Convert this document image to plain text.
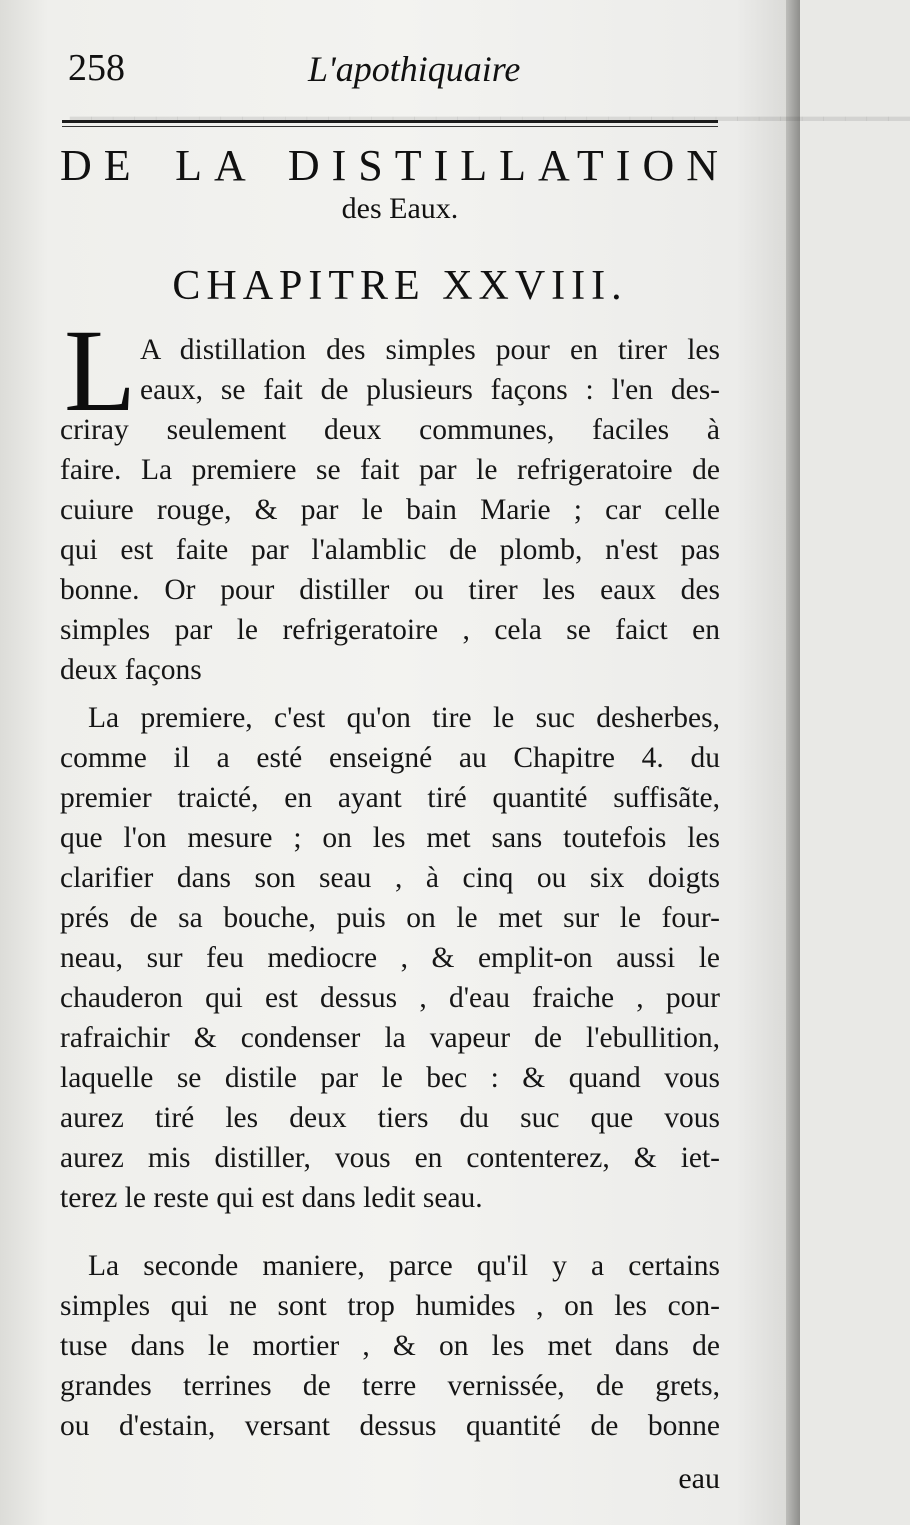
▁▁▁▁▁▁▁▁▁▁▁▁▁▁▁▁▁▁▁▁▁▁▁▁▁▁▁▁▁▁▁▁▁▁▁▁▁▁▁
258	L'apothiquaire
DE LA DISTILLATION
des Eaux.
CHAPITRE XXVIII.
L A distillation des simples pour en tirer les
eaux, se fait de plusieurs façons : l'en des-
criray seulement deux communes, faciles à
faire. La premiere se fait par le refrigeratoire de
cuiure rouge, & par le bain Marie ; car celle
qui est faite par l'alamblic de plomb, n'est pas
bonne. Or pour distiller ou tirer les eaux des
simples par le refrigeratoire , cela se faict en
deux façons
La premiere, c'est qu'on tire le suc desherbes,
comme il a esté enseigné au Chapitre 4. du
premier traicté, en ayant tiré quantité suffisãte,
que l'on mesure ; on les met sans toutefois les
clarifier dans son seau , à cinq ou six doigts
prés de sa bouche, puis on le met sur le four-
neau, sur feu mediocre , & emplit-on aussi le
chauderon qui est dessus , d'eau fraiche , pour
rafraichir & condenser la vapeur de l'ebullition,
laquelle se distile par le bec : & quand vous
aurez tiré les deux tiers du suc que vous
aurez mis distiller, vous en contenterez, & iet-
terez le reste qui est dans ledit seau.
La seconde maniere, parce qu'il y a certains
simples qui ne sont trop humides , on les con-
tuse dans le mortier , & on les met dans de
grandes terrines de terre vernissée, de grets,
ou d'estain, versant dessus quantité de bonne
eau
